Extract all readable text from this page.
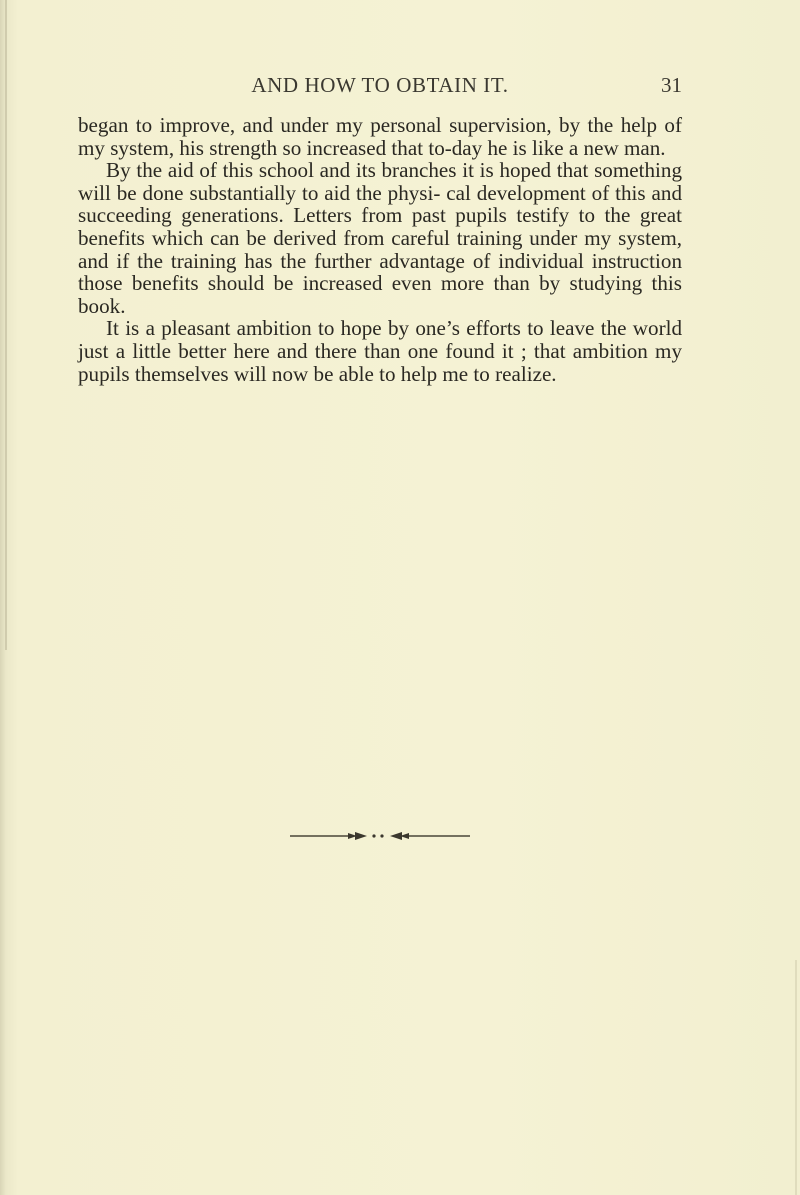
AND HOW TO OBTAIN IT.	31

began to improve, and under my personal supervision, by the help of my system, his strength so increased that to-day he is like a new man.

By the aid of this school and its branches it is hoped that something will be done substantially to aid the physi- cal development of this and succeeding generations. Letters from past pupils testify to the great benefits which can be derived from careful training under my system, and if the training has the further advantage of individual instruction those benefits should be increased even more than by studying this book.

It is a pleasant ambition to hope by one’s efforts to leave the world just a little better here and there than one found it ; that ambition my pupils themselves will now be able to help me to realize.
